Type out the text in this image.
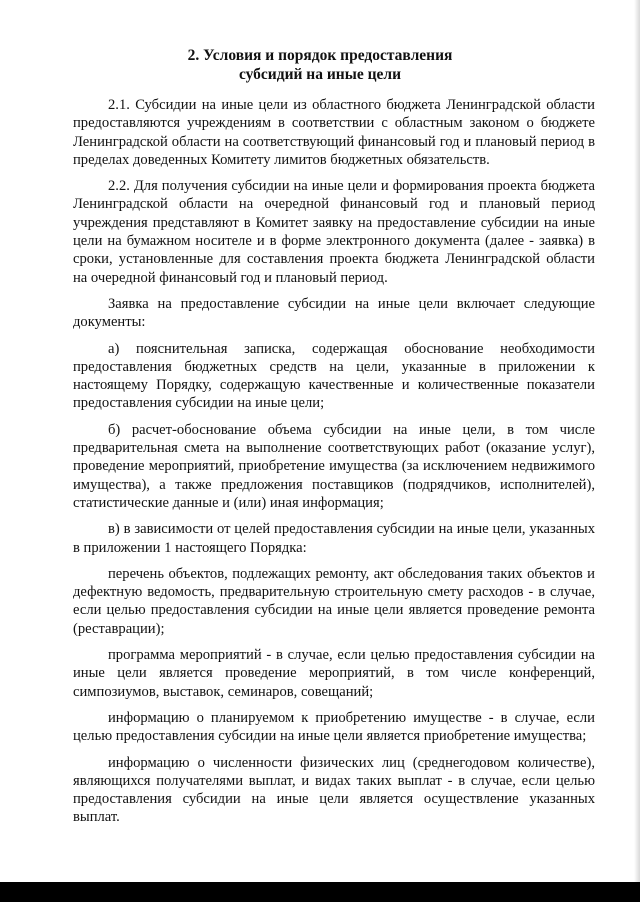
2. Условия и порядок предоставления
субсидий на иные цели

2.1. Субсидии на иные цели из областного бюджета Ленинградской области предоставляются учреждениям в соответствии с областным законом о бюджете Ленинградской области на соответствующий финансовый год и плановый период в пределах доведенных Комитету лимитов бюджетных обязательств.

2.2. Для получения субсидии на иные цели и формирования проекта бюджета Ленинградской области на очередной финансовый год и плановый период учреждения представляют в Комитет заявку на предоставление субсидии на иные цели на бумажном носителе и в форме электронного документа (далее - заявка) в сроки, установленные для составления проекта бюджета Ленинградской области на очередной финансовый год и плановый период.

Заявка на предоставление субсидии на иные цели включает следующие документы:

а) пояснительная записка, содержащая обоснование необходимости предоставления бюджетных средств на цели, указанные в приложении к настоящему Порядку, содержащую качественные и количественные показатели предоставления субсидии на иные цели;

б) расчет-обоснование объема субсидии на иные цели, в том числе предварительная смета на выполнение соответствующих работ (оказание услуг), проведение мероприятий, приобретение имущества (за исключением недвижимого имущества), а также предложения поставщиков (подрядчиков, исполнителей), статистические данные и (или) иная информация;

в) в зависимости от целей предоставления субсидии на иные цели, указанных в приложении 1 настоящего Порядка:

перечень объектов, подлежащих ремонту, акт обследования таких объектов и дефектную ведомость, предварительную строительную смету расходов - в случае, если целью предоставления субсидии на иные цели является проведение ремонта (реставрации);

программа мероприятий - в случае, если целью предоставления субсидии на иные цели является проведение мероприятий, в том числе конференций, симпозиумов, выставок, семинаров, совещаний;

информацию о планируемом к приобретению имуществе - в случае, если целью предоставления субсидии на иные цели является приобретение имущества;

информацию о численности физических лиц (среднегодовом количестве), являющихся получателями выплат, и видах таких выплат - в случае, если целью предоставления субсидии на иные цели является осуществление указанных выплат.
